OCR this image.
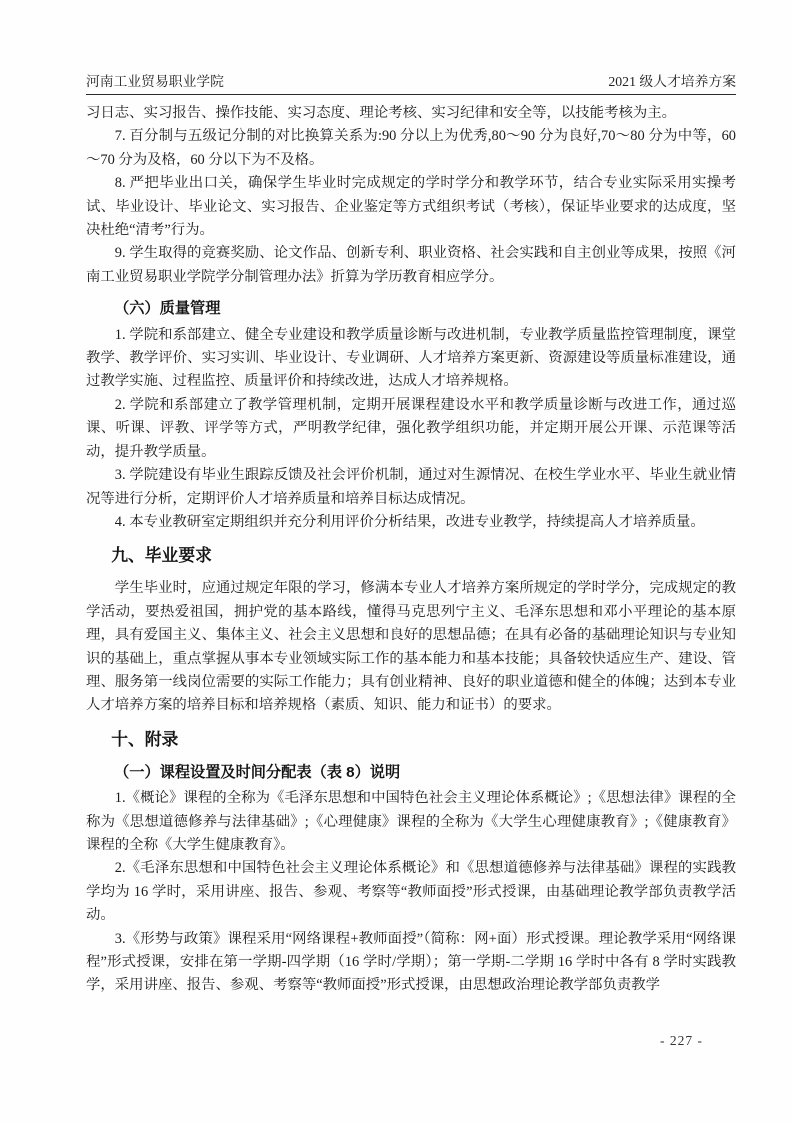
河南工业贸易职业学院	2021 级人才培养方案

习日志、实习报告、操作技能、实习态度、理论考核、实习纪律和安全等，以技能考核为主。

7. 百分制与五级记分制的对比换算关系为:90 分以上为优秀,80～90 分为良好,70～80 分为中等，60～70 分为及格，60 分以下为不及格。

8. 严把毕业出口关，确保学生毕业时完成规定的学时学分和教学环节，结合专业实际采用实操考试、毕业设计、毕业论文、实习报告、企业鉴定等方式组织考试（考核），保证毕业要求的达成度，坚决杜绝“清考”行为。

9. 学生取得的竞赛奖励、论文作品、创新专利、职业资格、社会实践和自主创业等成果，按照《河南工业贸易职业学院学分制管理办法》折算为学历教育相应学分。

（六）质量管理

1. 学院和系部建立、健全专业建设和教学质量诊断与改进机制，专业教学质量监控管理制度，课堂教学、教学评价、实习实训、毕业设计、专业调研、人才培养方案更新、资源建设等质量标准建设，通过教学实施、过程监控、质量评价和持续改进，达成人才培养规格。

2. 学院和系部建立了教学管理机制，定期开展课程建设水平和教学质量诊断与改进工作，通过巡课、听课、评教、评学等方式，严明教学纪律，强化教学组织功能，并定期开展公开课、示范课等活动，提升教学质量。

3. 学院建设有毕业生跟踪反馈及社会评价机制，通过对生源情况、在校生学业水平、毕业生就业情况等进行分析，定期评价人才培养质量和培养目标达成情况。

4. 本专业教研室定期组织并充分利用评价分析结果，改进专业教学，持续提高人才培养质量。

九、毕业要求

学生毕业时，应通过规定年限的学习，修满本专业人才培养方案所规定的学时学分，完成规定的教学活动，要热爱祖国，拥护党的基本路线，懂得马克思列宁主义、毛泽东思想和邓小平理论的基本原理，具有爱国主义、集体主义、社会主义思想和良好的思想品德；在具有必备的基础理论知识与专业知识的基础上，重点掌握从事本专业领域实际工作的基本能力和基本技能；具备较快适应生产、建设、管理、服务第一线岗位需要的实际工作能力；具有创业精神、良好的职业道德和健全的体魄；达到本专业人才培养方案的培养目标和培养规格（素质、知识、能力和证书）的要求。

十、附录
（一）课程设置及时间分配表（表 8）说明

1.《概论》课程的全称为《毛泽东思想和中国特色社会主义理论体系概论》;《思想法律》课程的全称为《思想道德修养与法律基础》;《心理健康》课程的全称为《大学生心理健康教育》;《健康教育》课程的全称《大学生健康教育》。

2.《毛泽东思想和中国特色社会主义理论体系概论》和《思想道德修养与法律基础》课程的实践教学均为 16 学时，采用讲座、报告、参观、考察等“教师面授”形式授课，由基础理论教学部负责教学活动。

3.《形势与政策》课程采用“网络课程+教师面授”（简称：网+面）形式授课。理论教学采用“网络课程”形式授课，安排在第一学期-四学期（16 学时/学期）；第一学期-二学期 16 学时中各有 8 学时实践教学，采用讲座、报告、参观、考察等“教师面授”形式授课，由思想政治理论教学部负责教学

- 227 -
